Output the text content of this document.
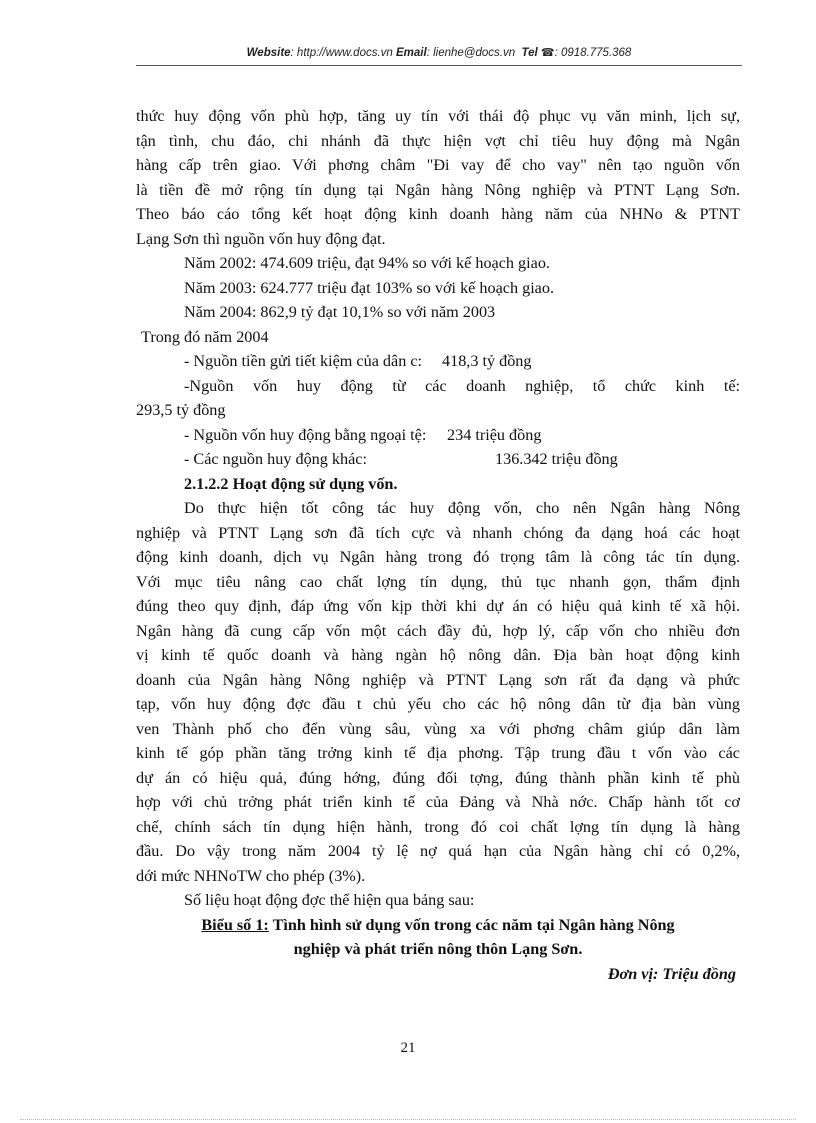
Website: http://www.docs.vn Email: lienhe@docs.vn Tel ☎: 0918.775.368

thức huy động vốn phù hợp, tăng uy tín với thái độ phục vụ văn minh, lịch sự,

tận tình, chu đáo, chi nhánh đã thực hiện vợt chỉ tiêu huy động mà Ngân

hàng cấp trên giao. Với phơng châm "Đi vay để cho vay" nên tạo nguồn vốn

là tiền đề mở rộng tín dụng tại Ngân hàng Nông nghiệp và PTNT Lạng Sơn.

Theo báo cáo tổng kết hoạt động kinh doanh hàng năm của NHNo & PTNT

Lạng Sơn thì nguồn vốn huy động đạt.

Năm 2002: 474.609 triệu, đạt 94% so với kế hoạch giao.

Năm 2003: 624.777 triệu đạt 103% so với kế hoạch giao.

Năm 2004: 862,9 tỷ đạt 10,1% so với năm 2003

Trong đó năm 2004

- Nguồn tiền gửi tiết kiệm của dân c:	418,3 tỷ đồng

-Nguồn vốn huy động từ các doanh nghiệp, tổ chức kinh tế:

293,5 tỷ đồng

- Nguồn vốn huy động bằng ngoại tệ:	234 triệu đồng

- Các nguồn huy động khác:	136.342 triệu đồng

2.1.2.2 Hoạt động sử dụng vốn.

Do thực hiện tốt công tác huy động vốn, cho nên Ngân hàng Nông

nghiệp và PTNT Lạng sơn đã tích cực và nhanh chóng đa dạng hoá các hoạt

động kinh doanh, dịch vụ Ngân hàng trong đó trọng tâm là công tác tín dụng.

Với mục tiêu nâng cao chất lợng tín dụng, thủ tục nhanh gọn, thẩm định

đúng theo quy định, đáp ứng vốn kịp thời khi dự án có hiệu quả kinh tế xã hội.

Ngân hàng đã cung cấp vốn một cách đầy đủ, hợp lý, cấp vốn cho nhiều đơn

vị kinh tế quốc doanh và hàng ngàn hộ nông dân. Địa bàn hoạt động kinh

doanh của Ngân hàng Nông nghiệp và PTNT Lạng sơn rất đa dạng và phức

tạp, vốn huy động đợc đầu t chủ yếu cho các hộ nông dân từ địa bàn vùng

ven Thành phố cho đến vùng sâu, vùng xa với phơng châm giúp dân làm

kinh tế góp phần tăng trởng kinh tế địa phơng. Tập trung đầu t vốn vào các

dự án có hiệu quả, đúng hớng, đúng đối tợng, đúng thành phần kinh tế phù

hợp với chủ trởng phát triển kinh tế của Đảng và Nhà nớc. Chấp hành tốt cơ

chế, chính sách tín dụng hiện hành, trong đó coi chất lợng tín dụng là hàng

đầu. Do vậy trong năm 2004 tỷ lệ nợ quá hạn của Ngân hàng chỉ có 0,2%,

dới mức NHNoTW cho phép (3%).

Số liệu hoạt động đợc thể hiện qua bảng sau:

Biểu số 1: Tình hình sử dụng vốn trong các năm tại Ngân hàng Nông

nghiệp và phát triển nông thôn Lạng Sơn.

Đơn vị: Triệu đồng

21
